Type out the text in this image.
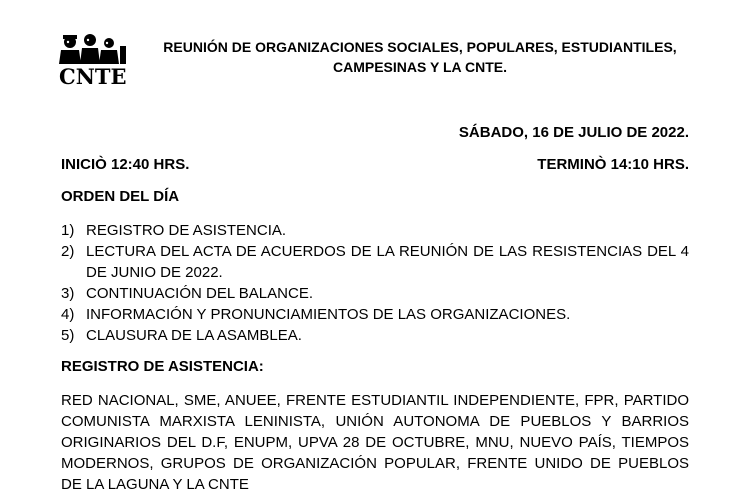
CNTE
REUNIÓN DE ORGANIZACIONES SOCIALES, POPULARES, ESTUDIANTILES,
CAMPESINAS Y LA CNTE.
SÁBADO, 16 DE JULIO DE 2022.
INICIÒ 12:40 HRS.	TERMINÒ 14:10 HRS.
ORDEN DEL DÍA
1) REGISTRO DE ASISTENCIA.
2) LECTURA DEL ACTA DE ACUERDOS DE LA REUNIÓN DE LAS RESISTENCIAS DEL 4 DE JUNIO DE 2022.
3) CONTINUACIÓN DEL BALANCE.
4) INFORMACIÓN Y PRONUNCIAMIENTOS DE LAS ORGANIZACIONES.
5) CLAUSURA DE LA ASAMBLEA.
REGISTRO DE ASISTENCIA:

RED NACIONAL, SME, ANUEE, FRENTE ESTUDIANTIL INDEPENDIENTE, FPR, PARTIDO COMUNISTA MARXISTA LENINISTA, UNIÓN AUTONOMA DE PUEBLOS Y BARRIOS ORIGINARIOS DEL D.F, ENUPM, UPVA 28 DE OCTUBRE, MNU, NUEVO PAÍS, TIEMPOS MODERNOS, GRUPOS DE ORGANIZACIÓN POPULAR, FRENTE UNIDO DE PUEBLOS DE LA LAGUNA Y LA CNTE
